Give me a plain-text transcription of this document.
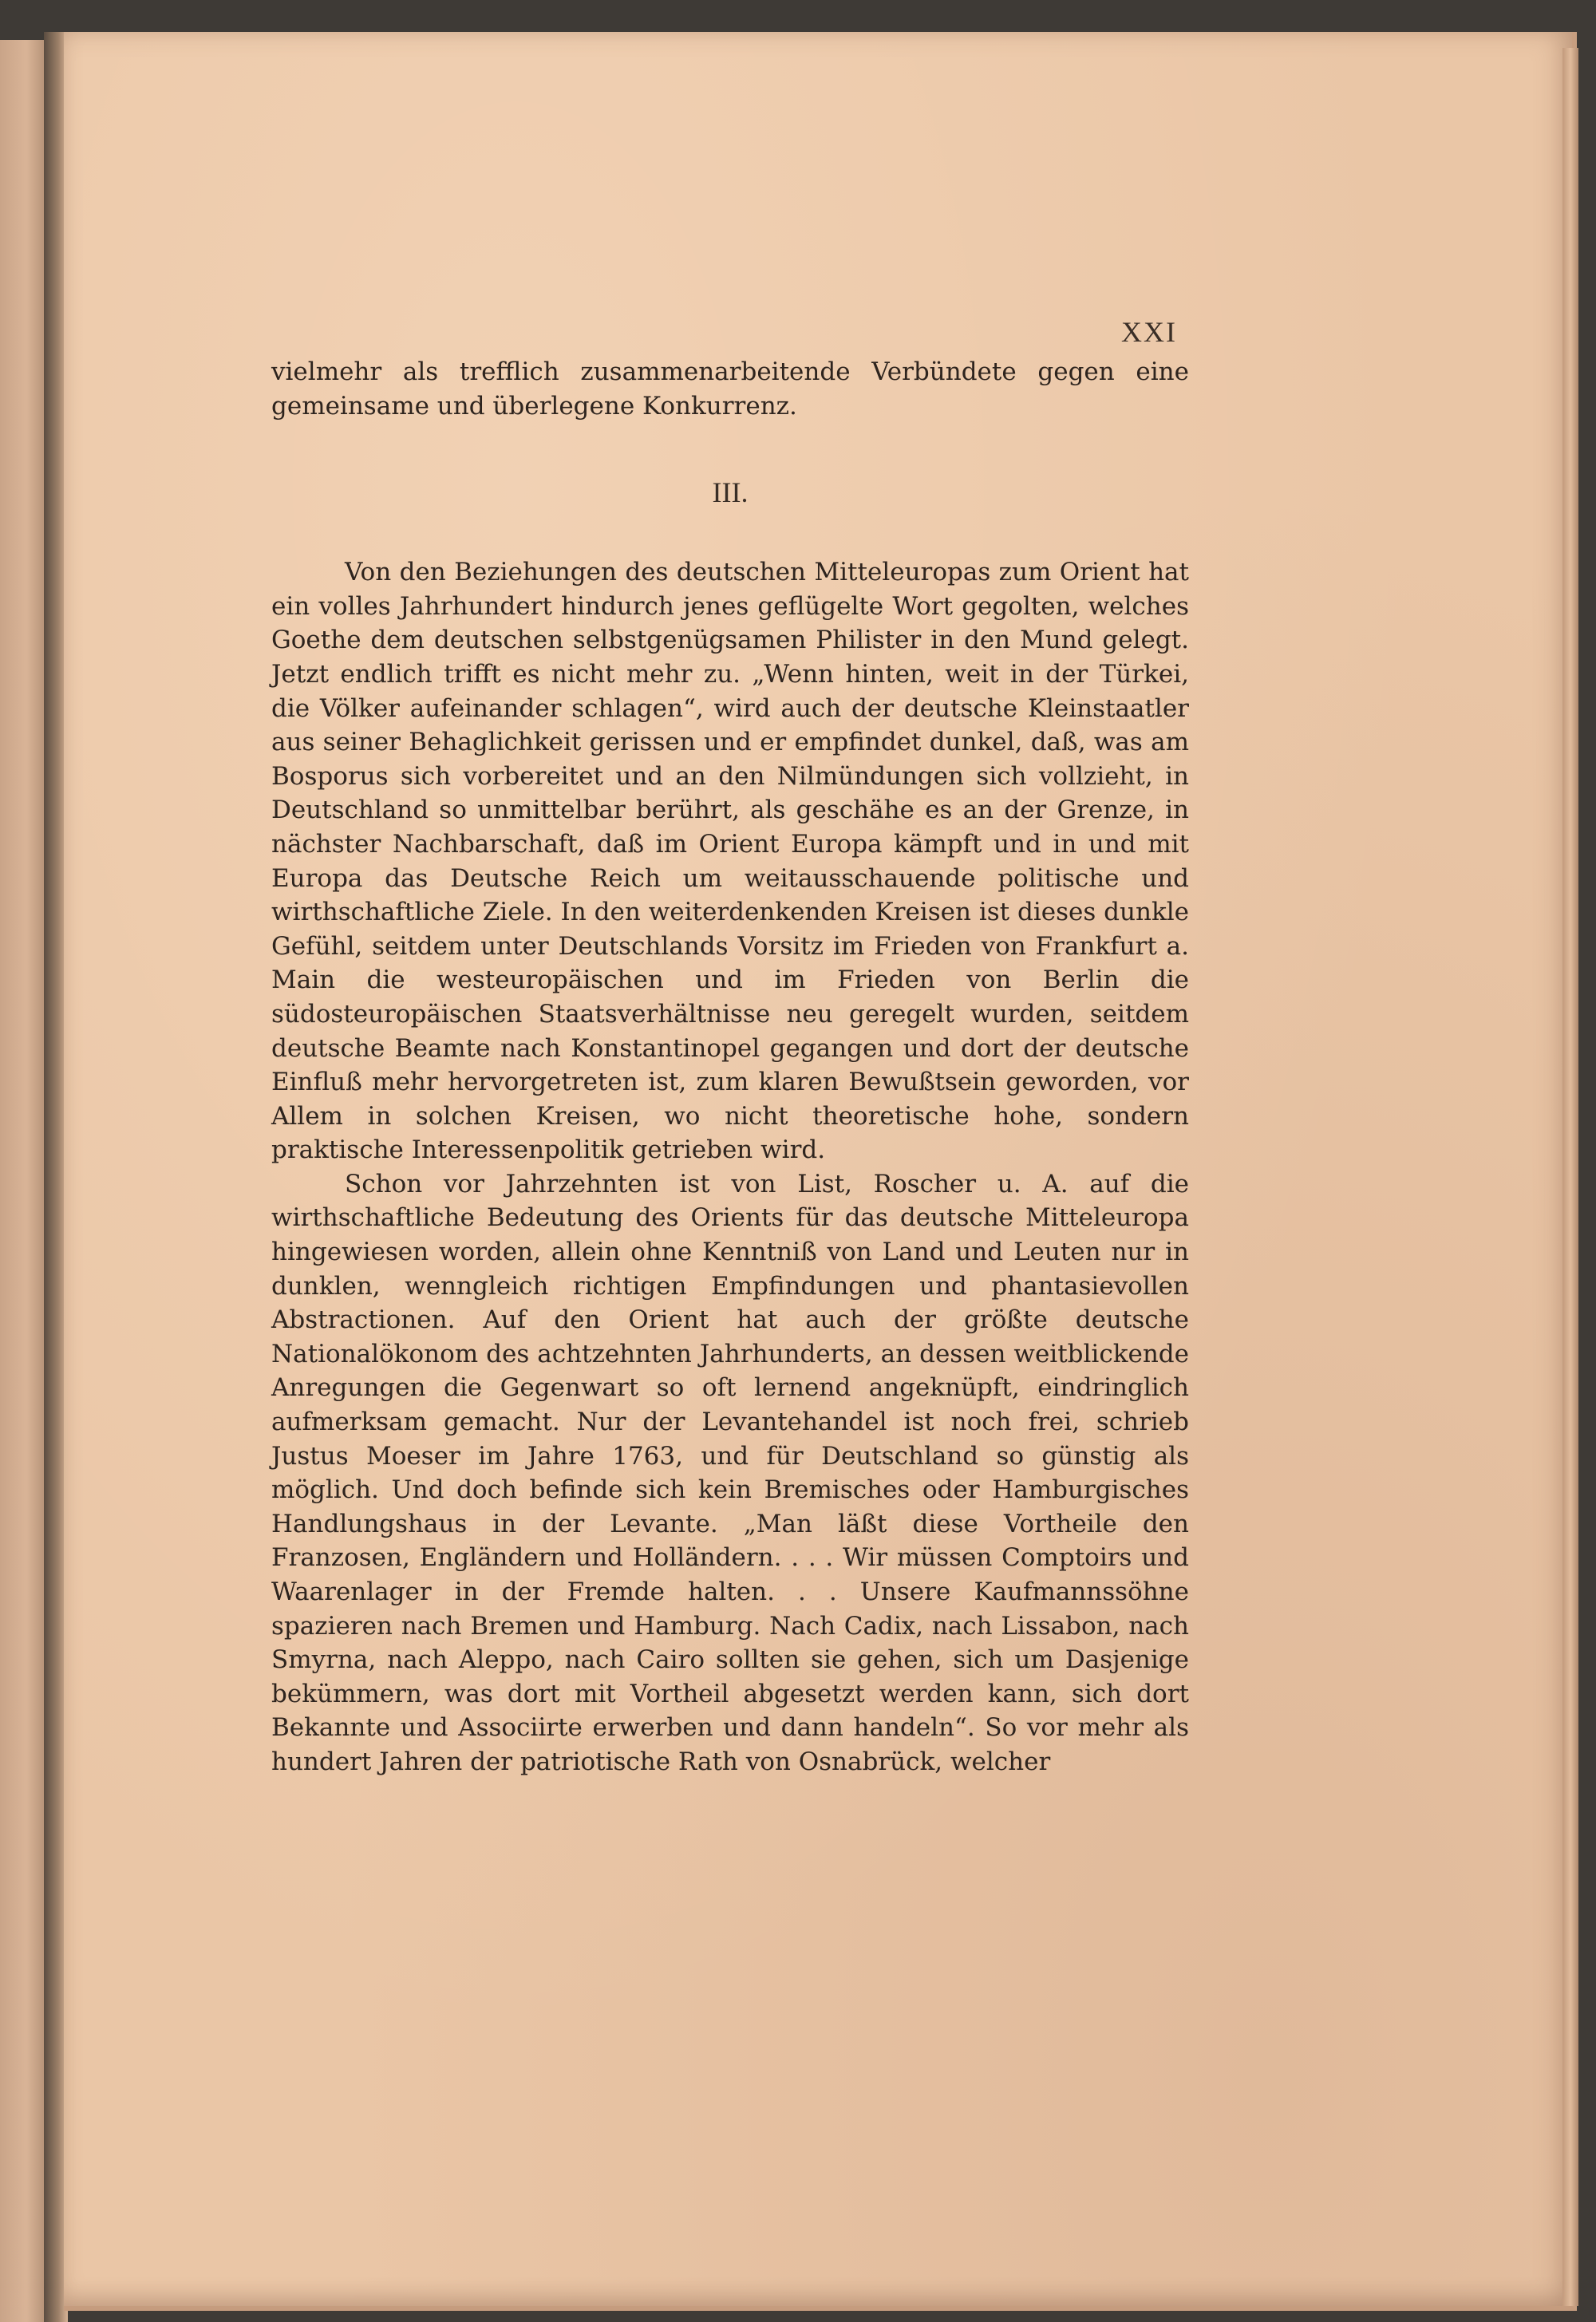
XXI

vielmehr als trefflich zusammenarbeitende Verbündete gegen eine gemeinsame und überlegene Konkurrenz.

III.

Von den Beziehungen des deutschen Mitteleuropas zum Orient hat ein volles Jahrhundert hindurch jenes geflügelte Wort gegolten, welches Goethe dem deutschen selbstgenügsamen Philister in den Mund gelegt. Jetzt endlich trifft es nicht mehr zu. „Wenn hinten, weit in der Türkei, die Völker aufeinander schlagen“, wird auch der deutsche Kleinstaatler aus seiner Behaglichkeit gerissen und er empfindet dunkel, daß, was am Bosporus sich vorbereitet und an den Nilmündungen sich vollzieht, in Deutschland so unmittelbar berührt, als geschähe es an der Grenze, in nächster Nachbarschaft, daß im Orient Europa kämpft und in und mit Europa das Deutsche Reich um weitausschauende politische und wirthschaftliche Ziele. In den weiterdenkenden Kreisen ist dieses dunkle Gefühl, seitdem unter Deutschlands Vorsitz im Frieden von Frankfurt a. Main die westeuropäischen und im Frieden von Berlin die südosteuropäischen Staatsverhältnisse neu geregelt wurden, seitdem deutsche Beamte nach Konstantinopel gegangen und dort der deutsche Einfluß mehr hervorgetreten ist, zum klaren Bewußtsein geworden, vor Allem in solchen Kreisen, wo nicht theoretische hohe, sondern praktische Interessenpolitik getrieben wird.

Schon vor Jahrzehnten ist von List, Roscher u. A. auf die wirthschaftliche Bedeutung des Orients für das deutsche Mitteleuropa hingewiesen worden, allein ohne Kenntniß von Land und Leuten nur in dunklen, wenngleich richtigen Empfindungen und phantasievollen Abstractionen. Auf den Orient hat auch der größte deutsche Nationalökonom des achtzehnten Jahrhunderts, an dessen weitblickende Anregungen die Gegenwart so oft lernend angeknüpft, eindringlich aufmerksam gemacht. Nur der Levantehandel ist noch frei, schrieb Justus Moeser im Jahre 1763, und für Deutschland so günstig als möglich. Und doch befinde sich kein Bremisches oder Hamburgisches Handlungshaus in der Levante. „Man läßt diese Vortheile den Franzosen, Engländern und Holländern. . . . Wir müssen Comptoirs und Waarenlager in der Fremde halten. . . Unsere Kaufmannssöhne spazieren nach Bremen und Hamburg. Nach Cadix, nach Lissabon, nach Smyrna, nach Aleppo, nach Cairo sollten sie gehen, sich um Dasjenige bekümmern, was dort mit Vortheil abgesetzt werden kann, sich dort Bekannte und Associirte erwerben und dann handeln“. So vor mehr als hundert Jahren der patriotische Rath von Osnabrück, welcher
